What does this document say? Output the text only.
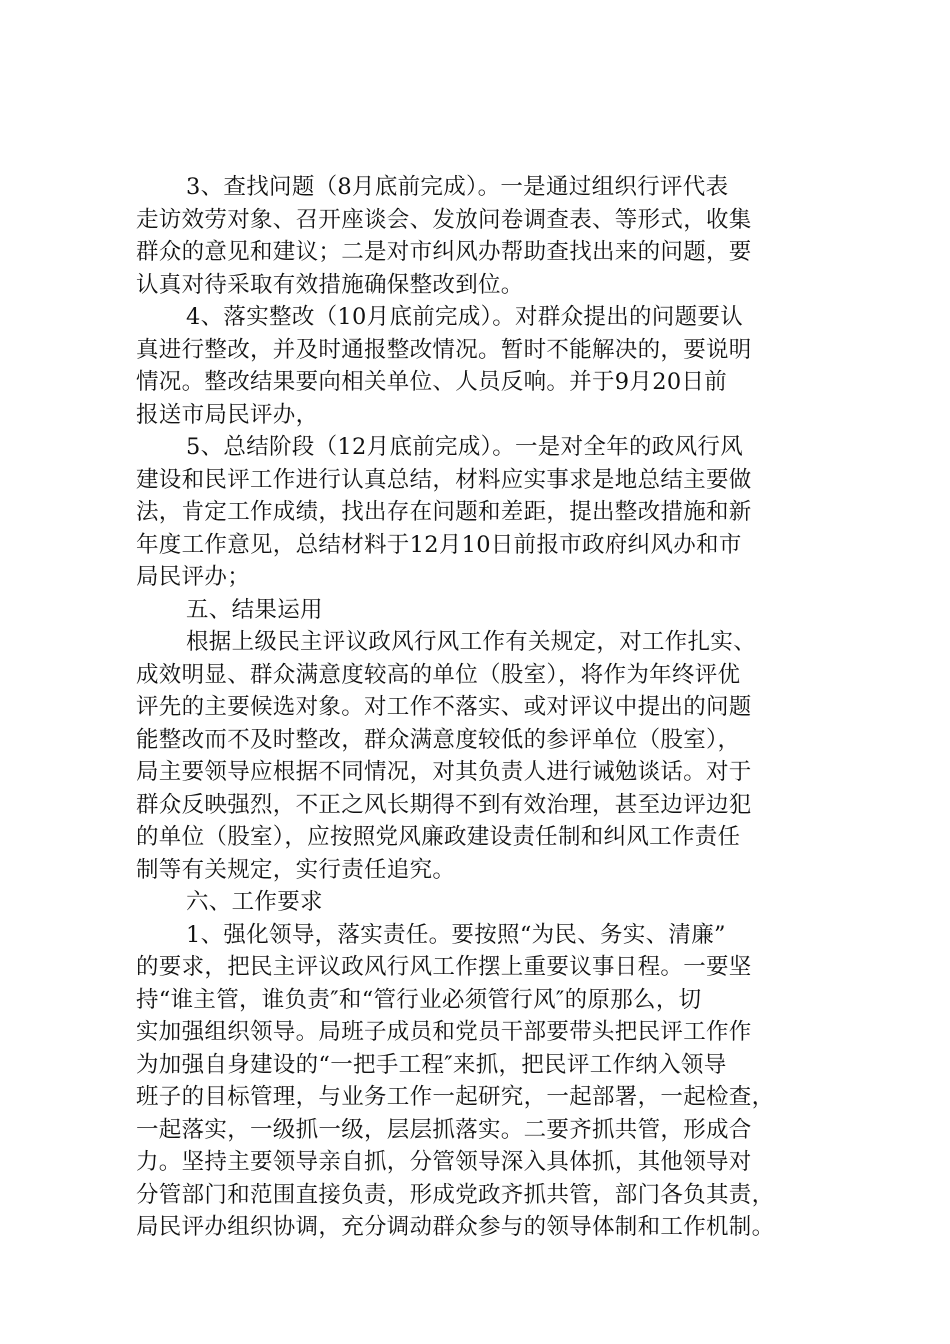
3、查找问题（8月底前完成）。一是通过组织行评代表
走访效劳对象、召开座谈会、发放问卷调查表、等形式，收集
群众的意见和建议；二是对市纠风办帮助查找出来的问题，要
认真对待采取有效措施确保整改到位。
4、落实整改（10月底前完成）。对群众提出的问题要认
真进行整改，并及时通报整改情况。暂时不能解决的，要说明
情况。整改结果要向相关单位、人员反响。并于9月20日前
报送市局民评办，
5、总结阶段（12月底前完成）。一是对全年的政风行风
建设和民评工作进行认真总结，材料应实事求是地总结主要做
法，肯定工作成绩，找出存在问题和差距，提出整改措施和新
年度工作意见，总结材料于12月10日前报市政府纠风办和市
局民评办；
五、结果运用
根据上级民主评议政风行风工作有关规定，对工作扎实、
成效明显、群众满意度较高的单位（股室），将作为年终评优
评先的主要候选对象。对工作不落实、或对评议中提出的问题
能整改而不及时整改，群众满意度较低的参评单位（股室），
局主要领导应根据不同情况，对其负责人进行诫勉谈话。对于
群众反映强烈，不正之风长期得不到有效治理，甚至边评边犯
的单位（股室），应按照党风廉政建设责任制和纠风工作责任
制等有关规定，实行责任追究。
六、工作要求
1、强化领导，落实责任。要按照“为民、务实、清廉”
的要求，把民主评议政风行风工作摆上重要议事日程。一要坚
持“谁主管，谁负责″和“管行业必须管行风″的原那么，切
实加强组织领导。局班子成员和党员干部要带头把民评工作作
为加强自身建设的“一把手工程″来抓，把民评工作纳入领导
班子的目标管理，与业务工作一起研究，一起部署，一起检查，
一起落实，一级抓一级，层层抓落实。二要齐抓共管，形成合
力。坚持主要领导亲自抓，分管领导深入具体抓，其他领导对
分管部门和范围直接负责，形成党政齐抓共管，部门各负其责，
局民评办组织协调，充分调动群众参与的领导体制和工作机制。
